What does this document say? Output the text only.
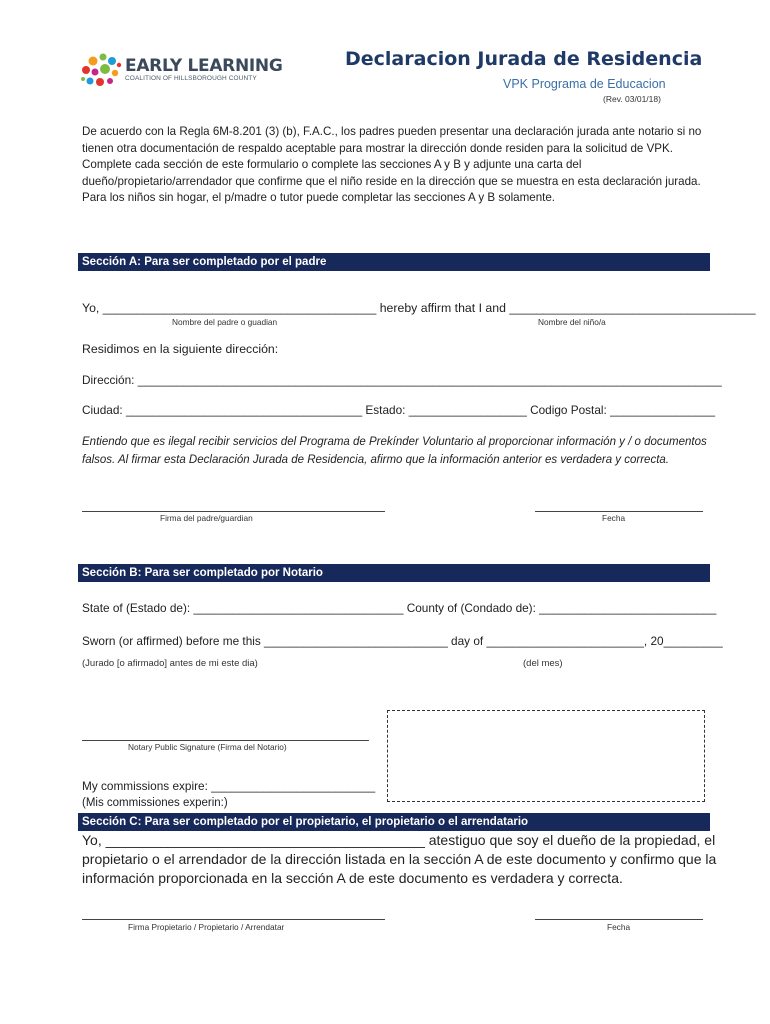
EARLY LEARNING
COALITION OF HILLSBOROUGH COUNTY
Declaracion Jurada de Residencia
VPK Programa de Educacion
(Rev. 03/01/18)
De acuerdo con la Regla 6M-8.201 (3) (b), F.A.C., los padres pueden presentar una declaración jurada ante notario si no tienen otra documentación de respaldo aceptable para mostrar la dirección donde residen para la solicitud de VPK. Complete cada sección de este formulario o complete las secciones A y B y adjunte una carta del dueño/propietario/arrendador que confirme que el niño reside en la dirección que se muestra en esta declaración jurada. Para los niños sin hogar, el p/madre o tutor puede completar las secciones A y B solamente.
Sección A: Para ser completado por el padre
Yo, ________________________________________ hereby affirm that I and ____________________________________
Nombre del padre o guadian	Nombre del niño/a
Residimos en la siguiente dirección:
Dirección: _________________________________________________________________________________________
Ciudad: ____________________________________ Estado: __________________ Codigo Postal: ________________
Entiendo que es ilegal recibir servicios del Programa de Prekínder Voluntario al proporcionar información y / o documentos falsos. Al firmar esta Declaración Jurada de Residencia, afirmo que la información anterior es verdadera y correcta.
Firma del padre/guardian	Fecha
Sección B: Para ser completado por Notario
State of (Estado de): ________________________________ County of (Condado de): ___________________________
Sworn (or affirmed) before me this ____________________________ day of ________________________, 20_________
(Jurado [o afirmado] antes de mi este dia)	(del mes)
Notary Public Signature (Firma del Notario)
My commissions expire: _________________________
(Mis commissiones experin:)
Sección C: Para ser completado por el propietario, el propietario o el arrendatario
Yo, _________________________________________ atestiguo que soy el dueño de la propiedad, el propietario o el arrendador de la dirección listada en la sección A de este documento y confirmo que la información proporcionada en la sección A de este documento es verdadera y correcta.
Firma Propietario / Propietario / Arrendatar	Fecha
